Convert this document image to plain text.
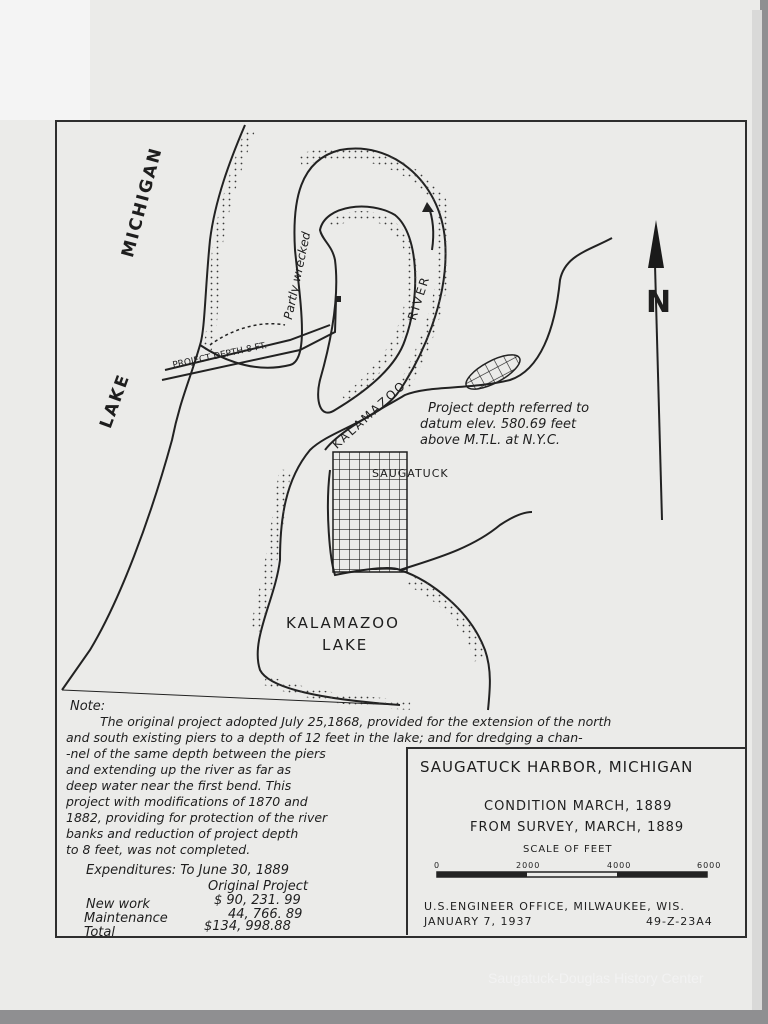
MICHIGAN
LAKE
Partly wrecked
PROJECT DEPTH-8 FT.
RIVER
KALAMAZOO
SAUGATUCK
KALAMAZOO
LAKE
N
Project depth referred to
datum elev. 580.69 feet
above M.T.L. at N.Y.C.
Note:
The original project adopted July 25,1868, provided for the extension of the north
and south existing piers to a depth of 12 feet in the lake; and for dredging a chan-
-nel of the same depth between the piers
and extending up the river as far as
deep water near the first bend. This
project with modifications of 1870 and
1882, providing for protection of the river
banks and reduction of project depth
to 8 feet, was not completed.
Expenditures: To June 30, 1889
Original Project
New work	$ 90, 231. 99
Maintenance	44, 766. 89
Total	$134, 998.88
SAUGATUCK HARBOR, MICHIGAN
CONDITION MARCH, 1889
FROM SURVEY, MARCH, 1889
SCALE OF FEET
0	2000	4000	6000
U.S.ENGINEER OFFICE, MILWAUKEE, WIS.
JANUARY 7, 1937	49-Z-23A4
Saugatuck-Douglas History Center
